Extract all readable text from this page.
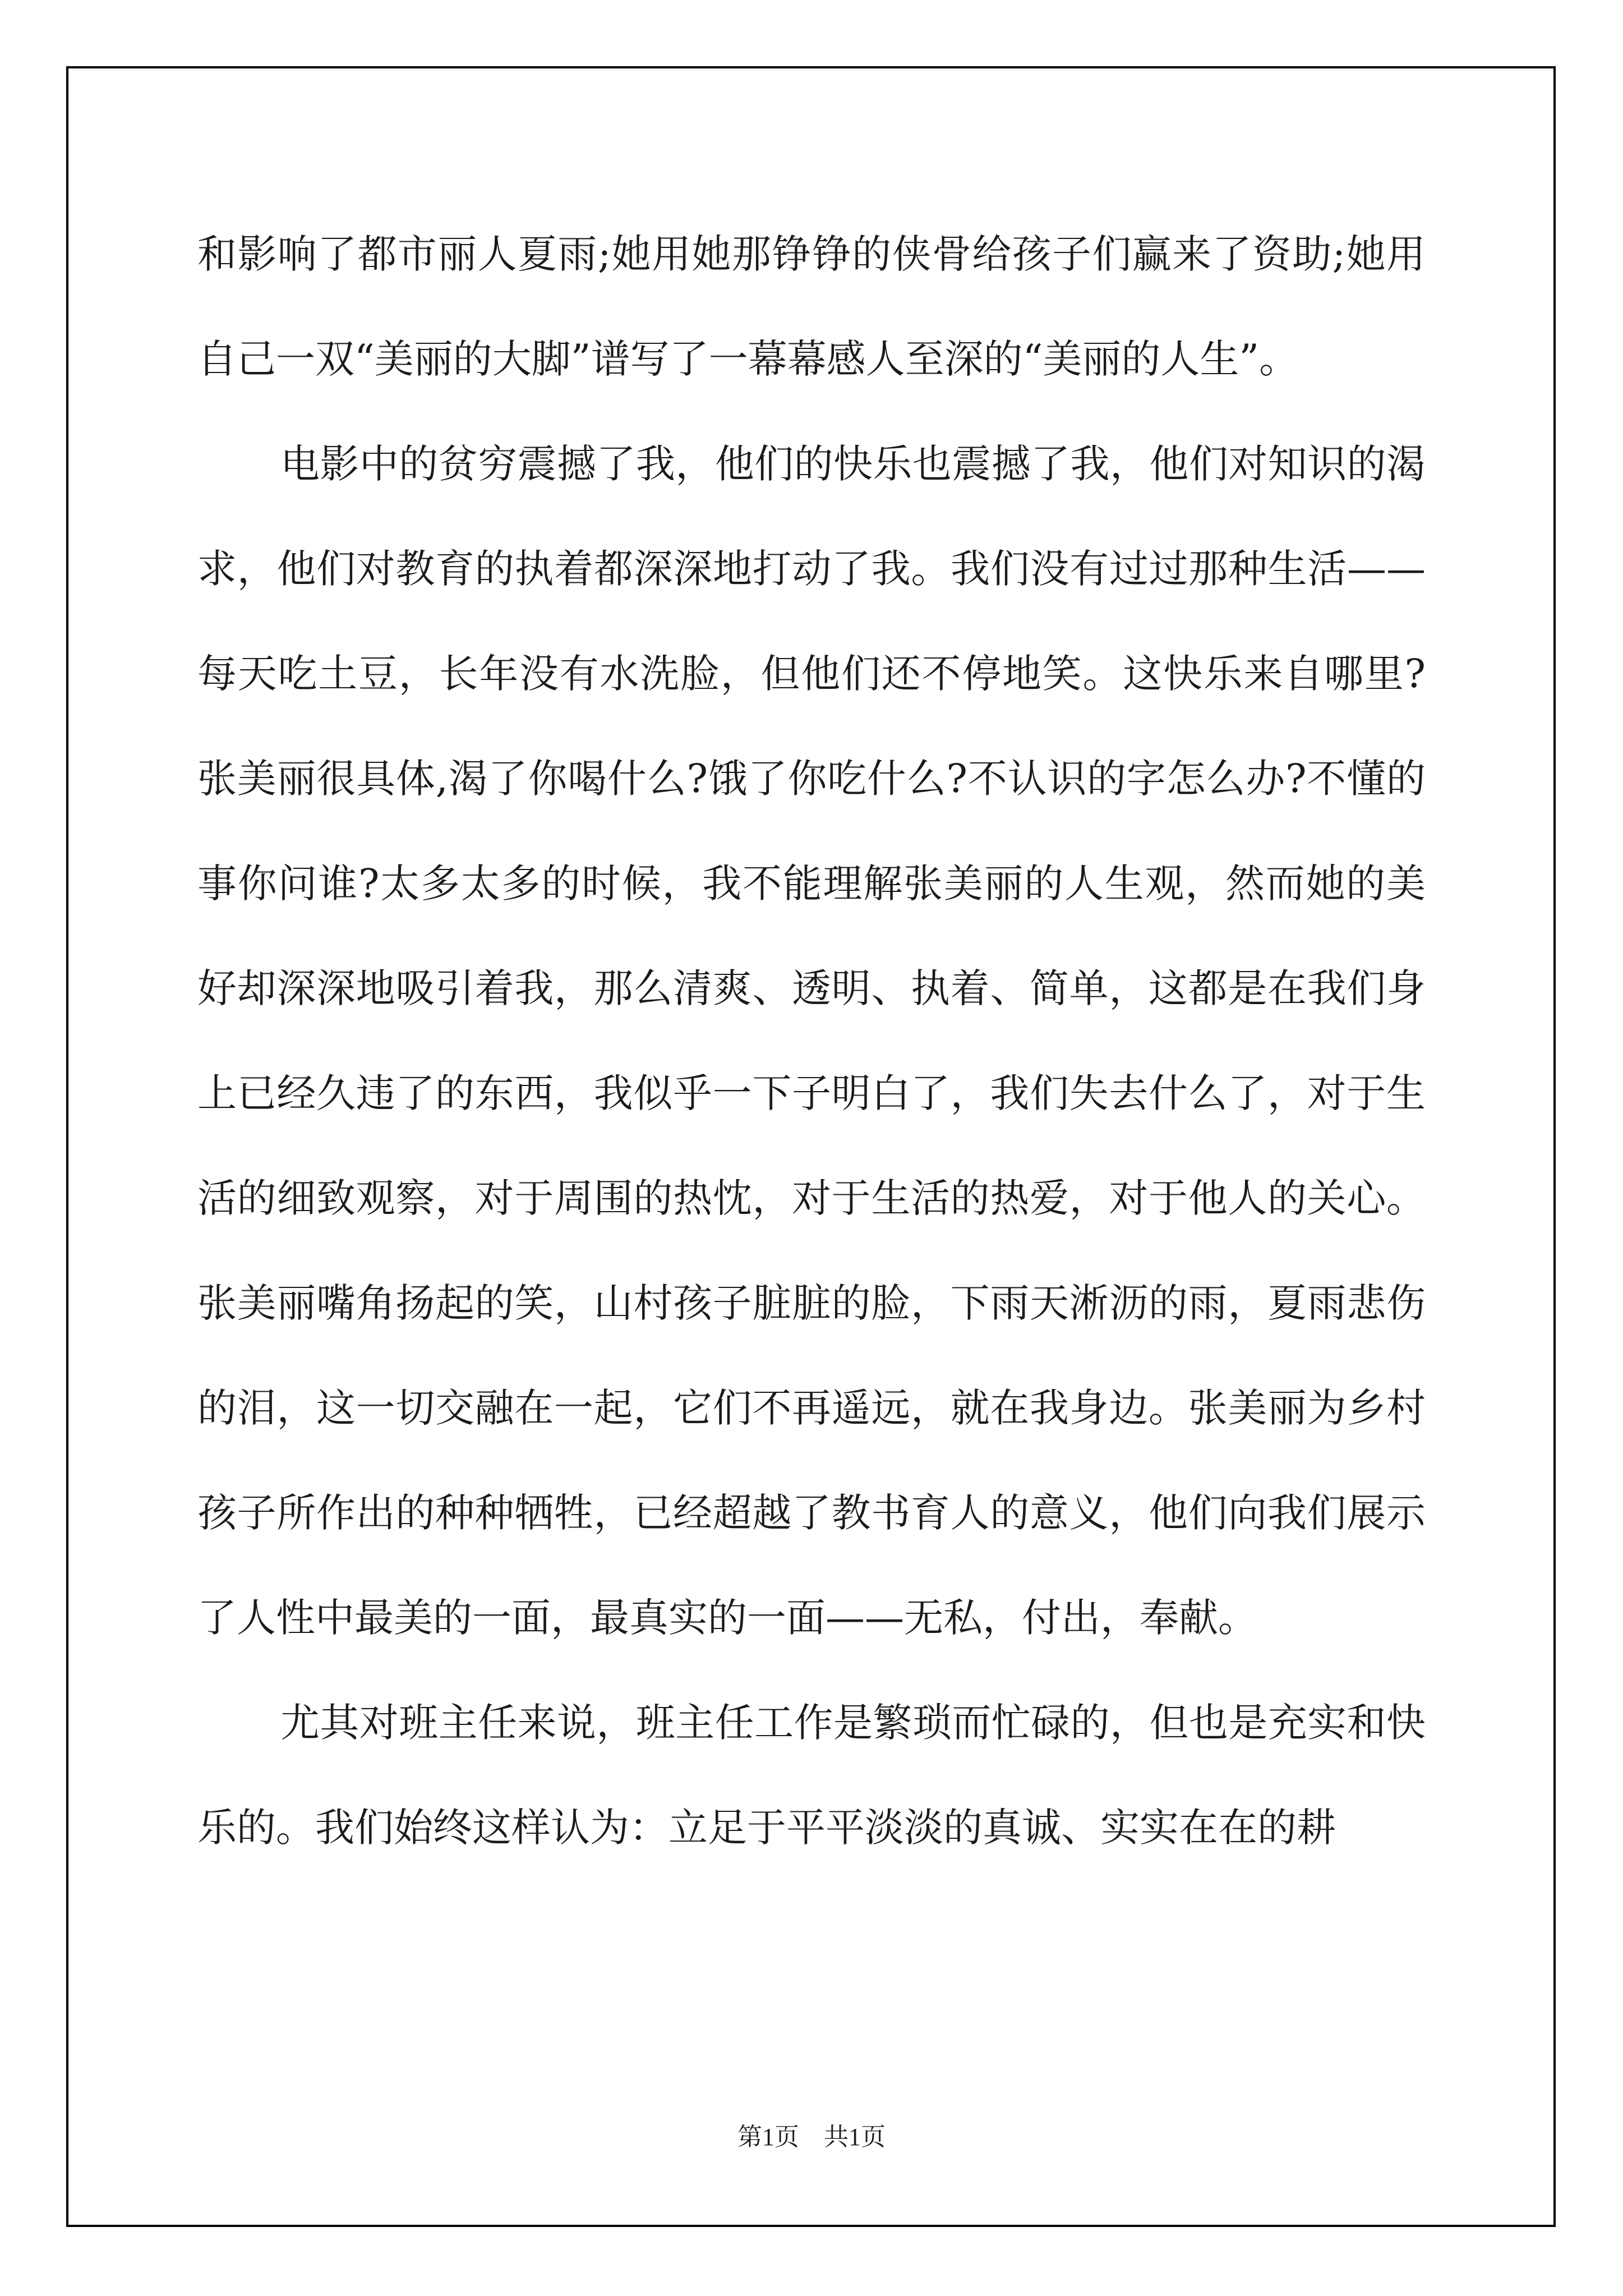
和影响了都市丽人夏雨;她用她那铮铮的侠骨给孩子们赢来了资助;她用自己一双“美丽的大脚”谱写了一幕幕感人至深的“美丽的人生”。

电影中的贫穷震撼了我，他们的快乐也震撼了我，他们对知识的渴求，他们对教育的执着都深深地打动了我。我们没有过过那种生活——每天吃土豆，长年没有水洗脸，但他们还不停地笑。这快乐来自哪里?张美丽很具体,渴了你喝什么?饿了你吃什么?不认识的字怎么办?不懂的事你问谁?太多太多的时候，我不能理解张美丽的人生观，然而她的美好却深深地吸引着我，那么清爽、透明、执着、简单，这都是在我们身上已经久违了的东西，我似乎一下子明白了，我们失去什么了，对于生活的细致观察，对于周围的热忱，对于生活的热爱，对于他人的关心。张美丽嘴角扬起的笑，山村孩子脏脏的脸，下雨天淅沥的雨，夏雨悲伤的泪，这一切交融在一起，它们不再遥远，就在我身边。张美丽为乡村孩子所作出的种种牺牲，已经超越了教书育人的意义，他们向我们展示了人性中最美的一面，最真实的一面——无私，付出，奉献。

尤其对班主任来说，班主任工作是繁琐而忙碌的，但也是充实和快乐的。我们始终这样认为：立足于平平淡淡的真诚、实实在在的耕

第1页　共1页
